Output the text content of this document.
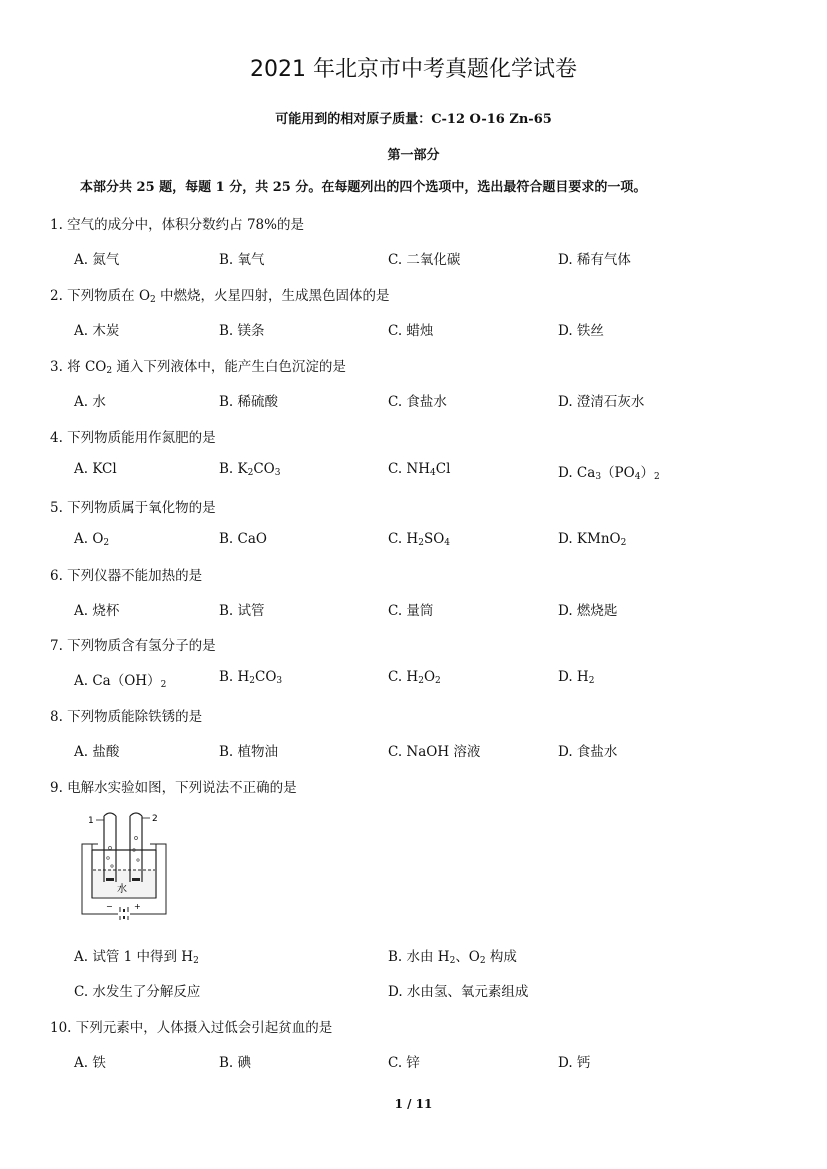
2021 年北京市中考真题化学试卷
可能用到的相对原子质量：C-12 O-16 Zn-65
第一部分
本部分共 25 题，每题 1 分，共 25 分。在每题列出的四个选项中，选出最符合题目要求的一项。
1. 空气的成分中，体积分数约占 78%的是
A. 氮气	B. 氧气	C. 二氧化碳	D. 稀有气体
2. 下列物质在 $O_2$ 中燃烧，火星四射，生成黑色固体的是
A. 木炭	B. 镁条	C. 蜡烛	D. 铁丝
3. 将 $CO_2$ 通入下列液体中，能产生白色沉淀的是
A. 水	B. 稀硫酸	C. 食盐水	D. 澄清石灰水
4. 下列物质能用作氮肥的是
A. KCl	B. $K_2CO_3$	C. $NH_4Cl$	D. $Ca_3(PO_4)_2$
5. 下列物质属于氧化物的是
A. $O_2$	B. CaO	C. $H_2SO_4$	D. KMnO$_2$
6. 下列仪器不能加热的是
A. 烧杯	B. 试管	C. 量筒	D. 燃烧匙
7. 下列物质含有氢分子的是
A. $Ca(OH)_2$	B. $H_2CO_3$	C. $H_2O_2$	D. $H_2$
8. 下列物质能除铁锈的是
A. 盐酸	B. 植物油	C. NaOH 溶液	D. 食盐水
9. 电解水实验如图，下列说法不正确的是
1	2
水
−	+
A. 试管 1 中得到 $H_2$	B. 水由 $H_2$、$O_2$ 构成
C. 水发生了分解反应	D. 水由氢、氧元素组成
10. 下列元素中，人体摄入过低会引起贫血的是
A. 铁	B. 碘	C. 锌	D. 钙
1 / 11
